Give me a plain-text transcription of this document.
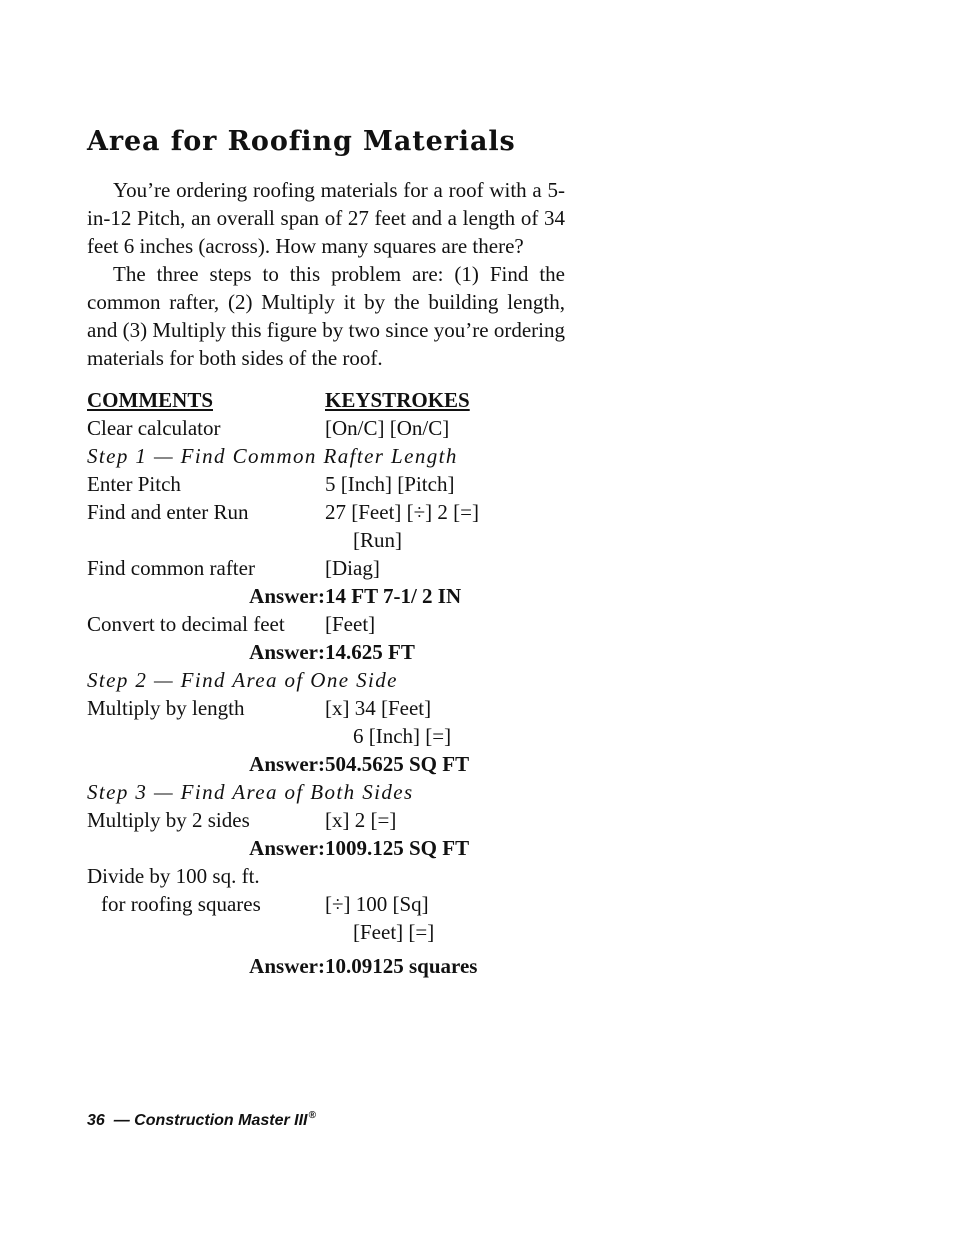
Area for Roofing Materials

You’re ordering roofing materials for a roof with a 5-in-12 Pitch, an overall span of 27 feet and a length of 34 feet 6 inches (across). How many squares are there?

The three steps to this problem are: (1) Find the common rafter, (2) Multiply it by the building length, and (3) Multiply this figure by two since you’re ordering materials for both sides of the roof.

COMMENTS	KEYSTROKES
Clear calculator	[On/C] [On/C]
Step 1 — Find Common Rafter Length	
Enter Pitch	5 [Inch] [Pitch]
Find and enter Run	27 [Feet] [÷] 2 [=]
[Run]
Find common rafter	[Diag]
Answer:	14 FT 7-1/ 2 IN
Convert to decimal feet	[Feet]
Answer:	14.625 FT
Step 2 — Find Area of One Side	
Multiply by length	[x] 34 [Feet]
6 [Inch] [=]
Answer:	504.5625 SQ FT
Step 3 — Find Area of Both Sides	
Multiply by 2 sides	[x] 2 [=]
Answer:	1009.125 SQ FT
Divide by 100 sq. ft.	
for roofing squares	[÷] 100 [Sq]
[Feet] [=]
Answer:	10.09125 squares
36  — Construction Master III®
